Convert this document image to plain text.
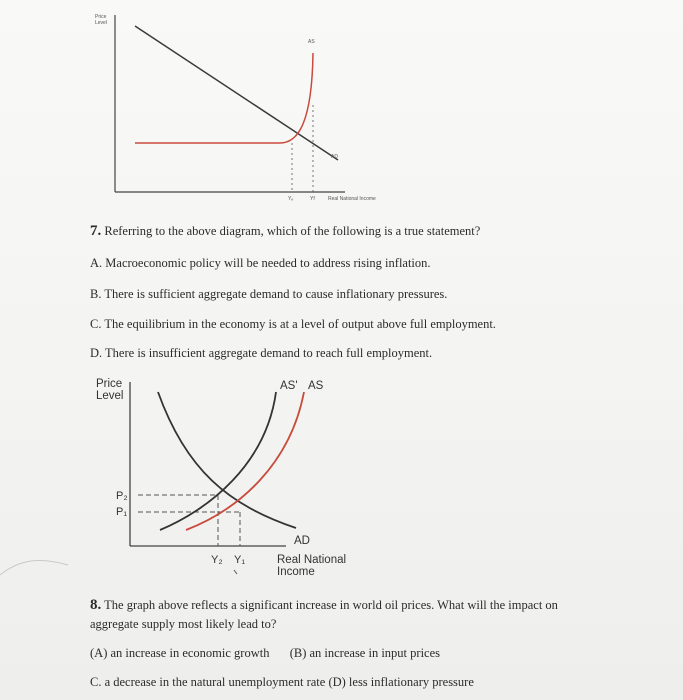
Price
Level
AS
AD
Yₑ	Yf	Real National Income
7. Referring to the above diagram, which of the following is a true statement?
A. Macroeconomic policy will be needed to address rising inflation.
B. There is sufficient aggregate demand to cause inflationary pressures.
C. The equilibrium in the economy is at a level of output above full employment.
D. There is insufficient aggregate demand to reach full employment.
Price
Level
AS' AS
AD
P₂
P₁
Y₂ Y₁	Real National
Income
8. The graph above reflects a significant increase in world oil prices. What will the impact on
aggregate supply most likely lead to?
(A) an increase in economic growth (B) an increase in input prices
C. a decrease in the natural unemployment rate (D) less inflationary pressure
